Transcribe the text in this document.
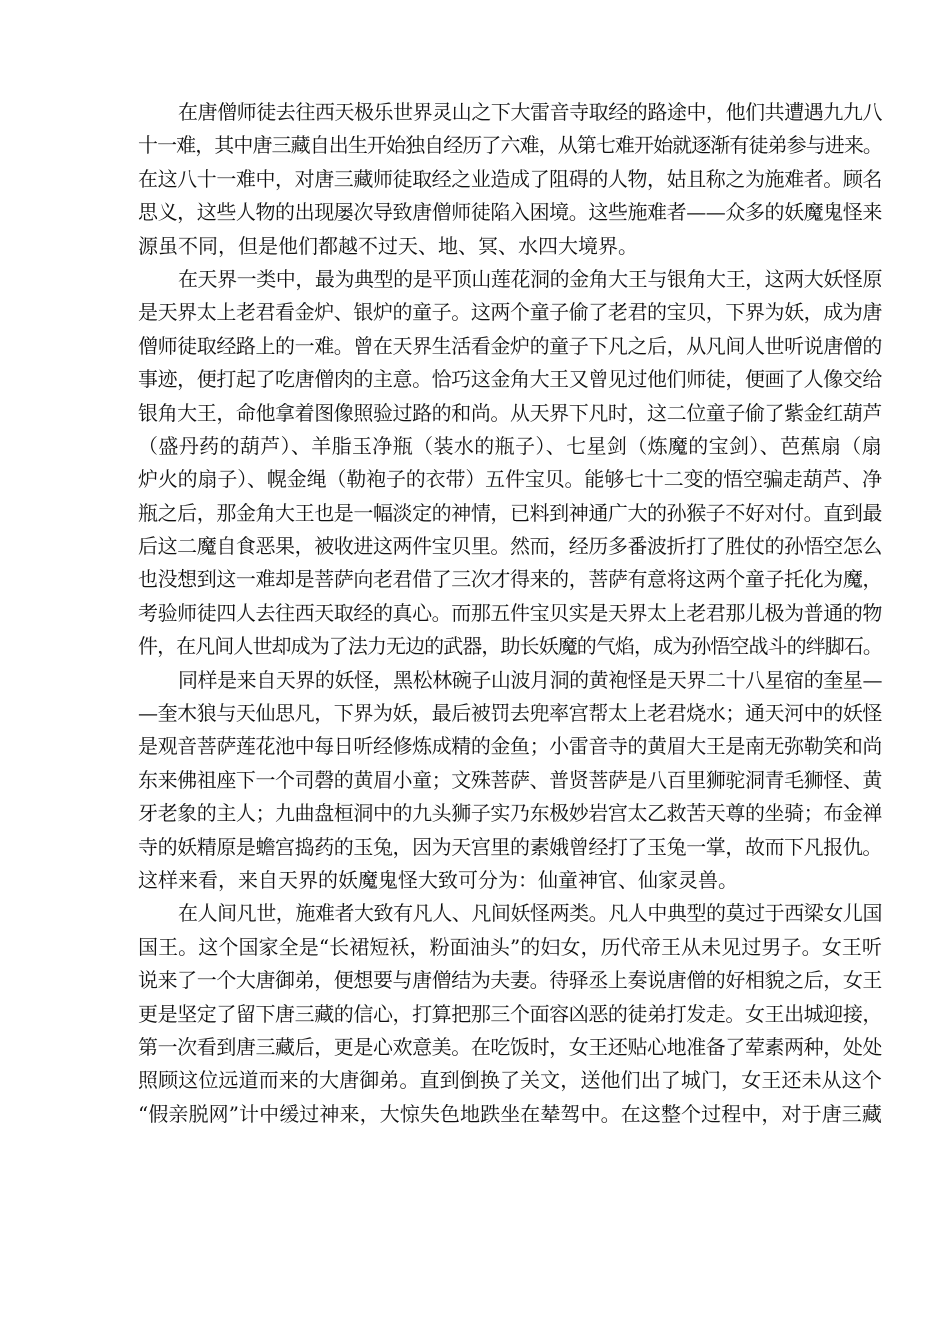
在唐僧师徒去往西天极乐世界灵山之下大雷音寺取经的路途中，他们共遭遇九九八
十一难，其中唐三藏自出生开始独自经历了六难，从第七难开始就逐渐有徒弟参与进来。
在这八十一难中，对唐三藏师徒取经之业造成了阻碍的人物，姑且称之为施难者。顾名
思义，这些人物的出现屡次导致唐僧师徒陷入困境。这些施难者——众多的妖魔鬼怪来
源虽不同，但是他们都越不过天、地、冥、水四大境界。
在天界一类中，最为典型的是平顶山莲花洞的金角大王与银角大王，这两大妖怪原
是天界太上老君看金炉、银炉的童子。这两个童子偷了老君的宝贝，下界为妖，成为唐
僧师徒取经路上的一难。曾在天界生活看金炉的童子下凡之后，从凡间人世听说唐僧的
事迹，便打起了吃唐僧肉的主意。恰巧这金角大王又曾见过他们师徒，便画了人像交给
银角大王，命他拿着图像照验过路的和尚。从天界下凡时，这二位童子偷了紫金红葫芦
（盛丹药的葫芦）、羊脂玉净瓶（装水的瓶子）、七星剑（炼魔的宝剑）、芭蕉扇（扇
炉火的扇子）、幌金绳（勒袍子的衣带）五件宝贝。能够七十二变的悟空骗走葫芦、净
瓶之后，那金角大王也是一幅淡定的神情，已料到神通广大的孙猴子不好对付。直到最
后这二魔自食恶果，被收进这两件宝贝里。然而，经历多番波折打了胜仗的孙悟空怎么
也没想到这一难却是菩萨向老君借了三次才得来的，菩萨有意将这两个童子托化为魔，
考验师徒四人去往西天取经的真心。而那五件宝贝实是天界太上老君那儿极为普通的物
件，在凡间人世却成为了法力无边的武器，助长妖魔的气焰，成为孙悟空战斗的绊脚石。
同样是来自天界的妖怪，黑松林碗子山波月洞的黄袍怪是天界二十八星宿的奎星—
—奎木狼与天仙思凡，下界为妖，最后被罚去兜率宫帮太上老君烧水；通天河中的妖怪
是观音菩萨莲花池中每日听经修炼成精的金鱼；小雷音寺的黄眉大王是南无弥勒笑和尚
东来佛祖座下一个司磬的黄眉小童；文殊菩萨、普贤菩萨是八百里狮驼洞青毛狮怪、黄
牙老象的主人；九曲盘桓洞中的九头狮子实乃东极妙岩宫太乙救苦天尊的坐骑；布金禅
寺的妖精原是蟾宫捣药的玉兔，因为天宫里的素娥曾经打了玉兔一掌，故而下凡报仇。
这样来看，来自天界的妖魔鬼怪大致可分为：仙童神官、仙家灵兽。
在人间凡世，施难者大致有凡人、凡间妖怪两类。凡人中典型的莫过于西梁女儿国
国王。这个国家全是“长裙短袄，粉面油头”的妇女，历代帝王从未见过男子。女王听
说来了一个大唐御弟，便想要与唐僧结为夫妻。待驿丞上奏说唐僧的好相貌之后，女王
更是坚定了留下唐三藏的信心，打算把那三个面容凶恶的徒弟打发走。女王出城迎接，
第一次看到唐三藏后，更是心欢意美。在吃饭时，女王还贴心地准备了荤素两种，处处
照顾这位远道而来的大唐御弟。直到倒换了关文，送他们出了城门，女王还未从这个
“假亲脱网”计中缓过神来，大惊失色地跌坐在辇驾中。在这整个过程中，对于唐三藏
